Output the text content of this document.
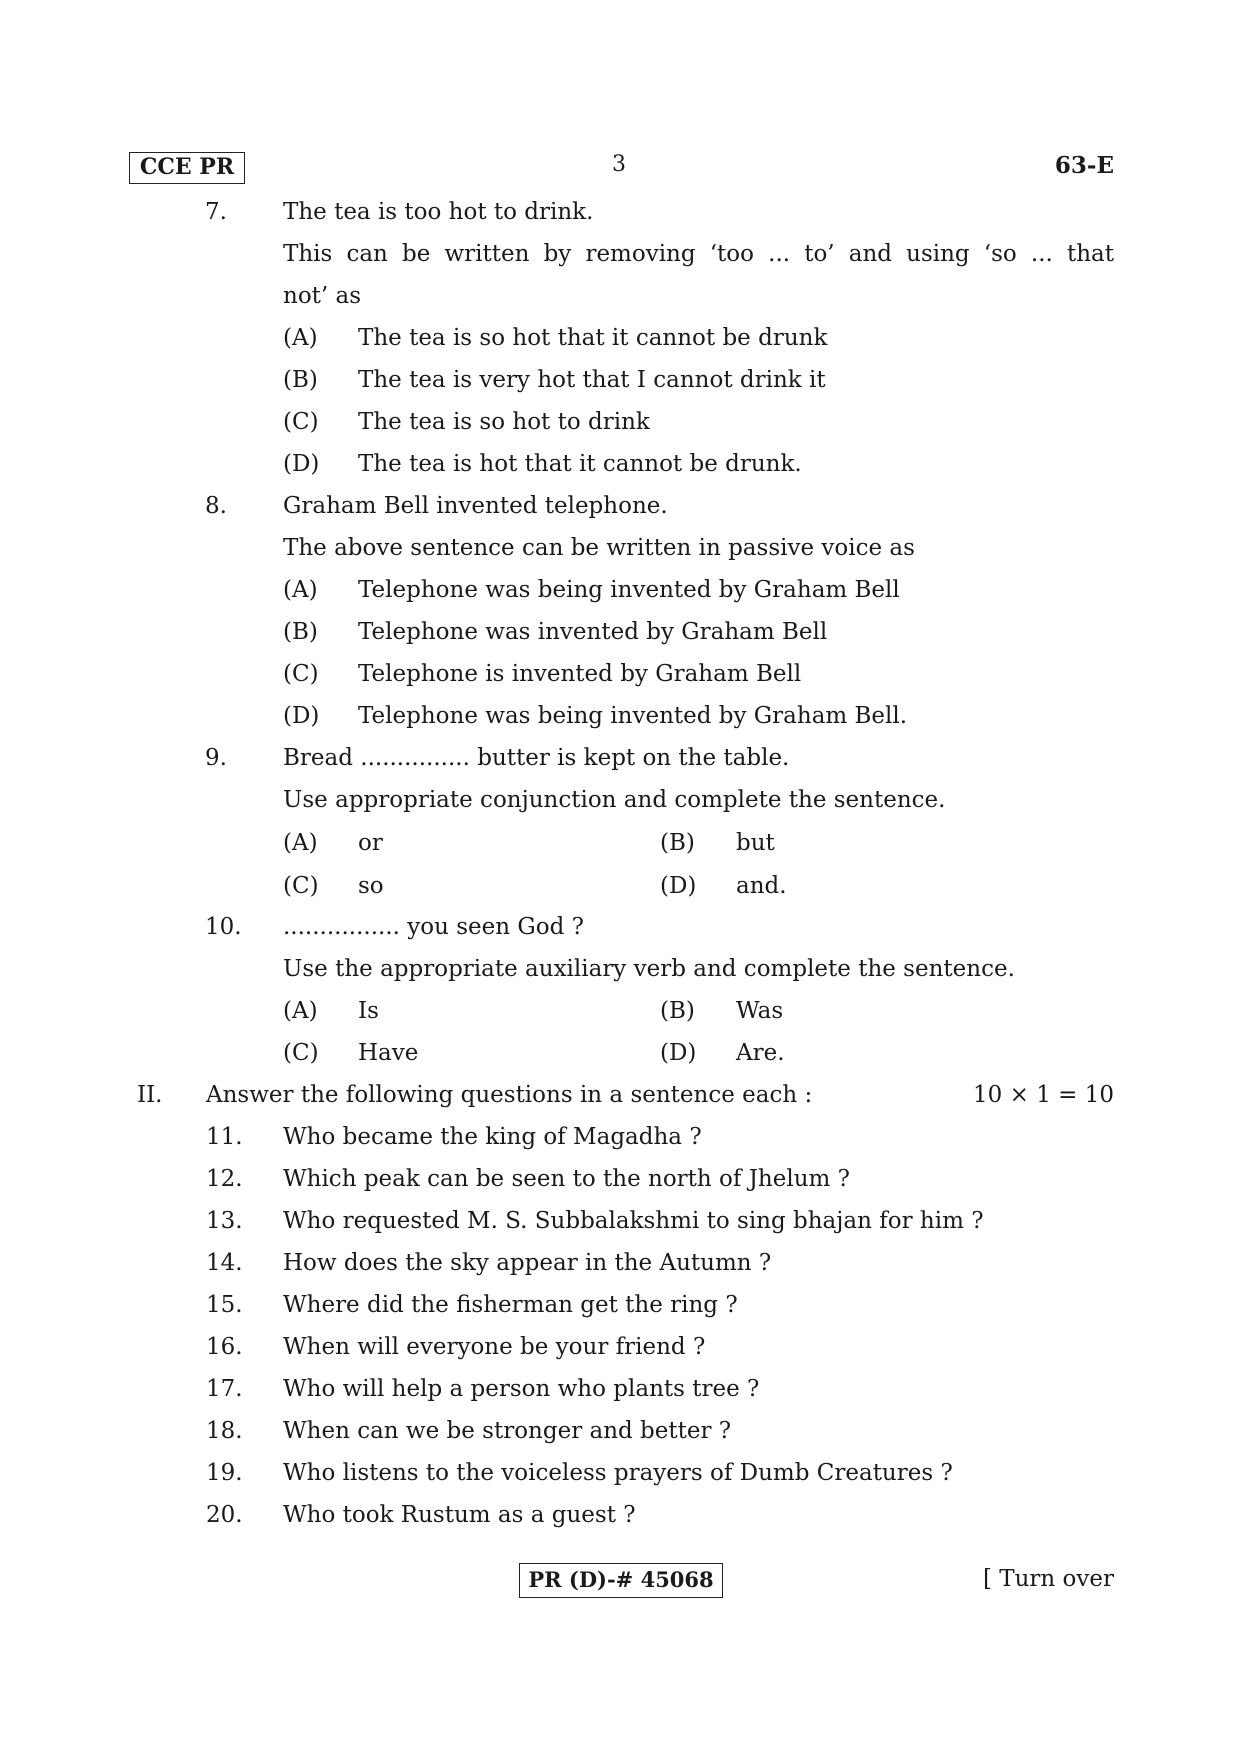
CCE PR	3	63-E
7. The tea is too hot to drink.
This can be written by removing ‘too ... to’ and using ‘so ... that
not’ as
(A) The tea is so hot that it cannot be drunk
(B) The tea is very hot that I cannot drink it
(C) The tea is so hot to drink
(D) The tea is hot that it cannot be drunk.
8. Graham Bell invented telephone.
The above sentence can be written in passive voice as
(A) Telephone was being invented by Graham Bell
(B) Telephone was invented by Graham Bell
(C) Telephone is invented by Graham Bell
(D) Telephone was being invented by Graham Bell.
9. Bread ............... butter is kept on the table.
Use appropriate conjunction and complete the sentence.
(A) or	(B) but
(C) so	(D) and.
10. ................ you seen God ?
Use the appropriate auxiliary verb and complete the sentence.
(A) Is	(B) Was
(C) Have	(D) Are.
II. Answer the following questions in a sentence each :	10 × 1 = 10
11. Who became the king of Magadha ?
12. Which peak can be seen to the north of Jhelum ?
13. Who requested M. S. Subbalakshmi to sing bhajan for him ?
14. How does the sky appear in the Autumn ?
15. Where did the fisherman get the ring ?
16. When will everyone be your friend ?
17. Who will help a person who plants tree ?
18. When can we be stronger and better ?
19. Who listens to the voiceless prayers of Dumb Creatures ?
20. Who took Rustum as a guest ?
PR (D)-# 45068	[ Turn over
